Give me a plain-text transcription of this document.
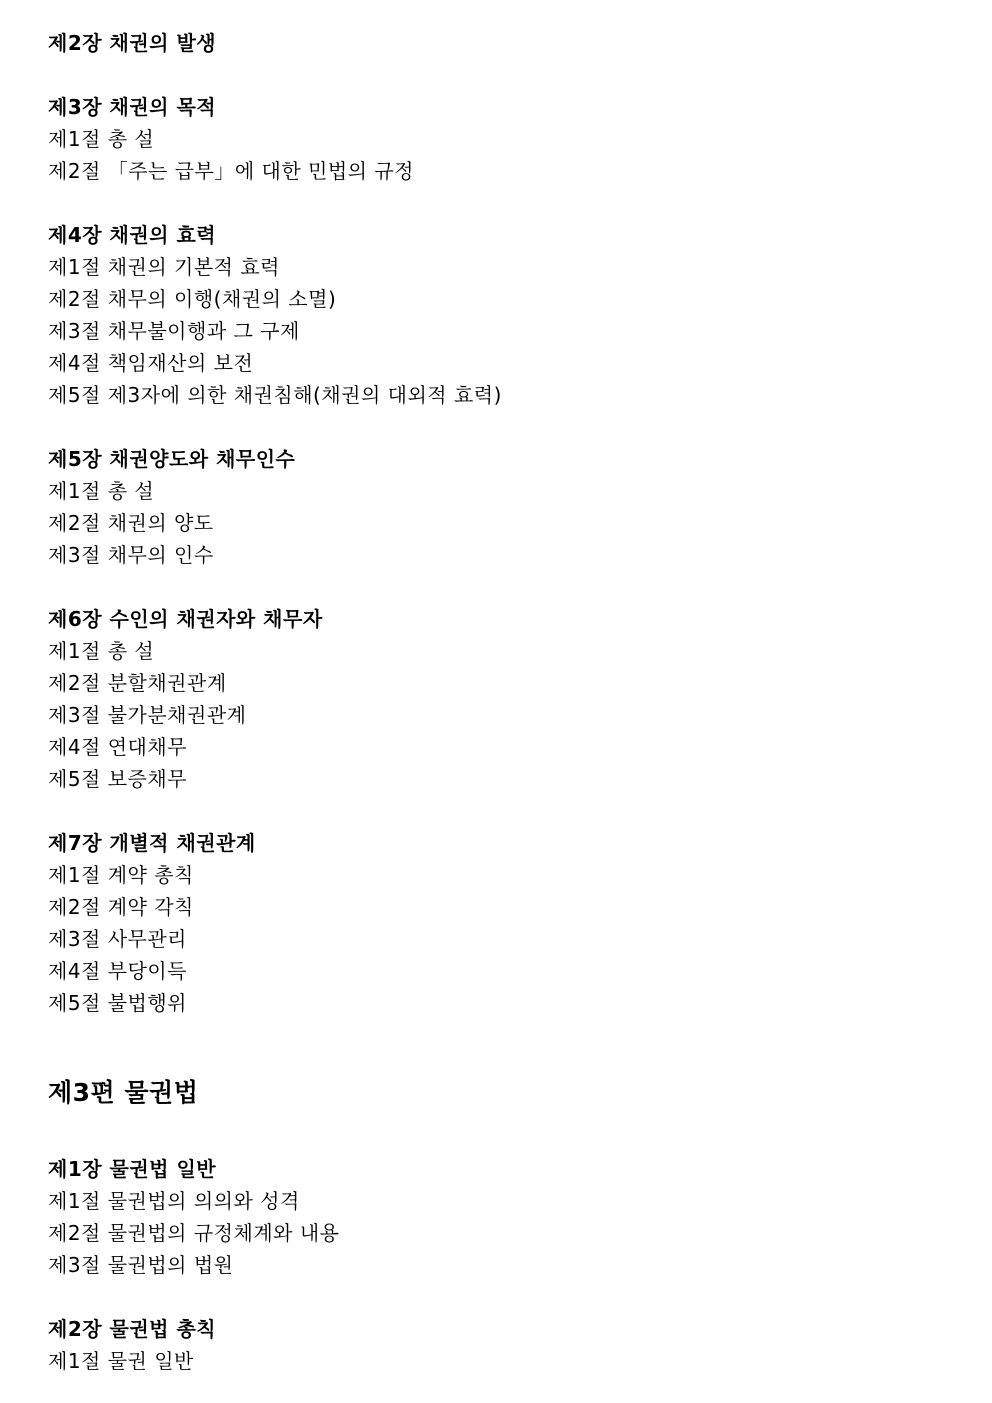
제2장 채권의 발생
제3장 채권의 목적
제1절 총 설
제2절 「주는 급부」에 대한 민법의 규정
제4장 채권의 효력
제1절 채권의 기본적 효력
제2절 채무의 이행(채권의 소멸)
제3절 채무불이행과 그 구제
제4절 책임재산의 보전
제5절 제3자에 의한 채권침해(채권의 대외적 효력)
제5장 채권양도와 채무인수
제1절 총 설
제2절 채권의 양도
제3절 채무의 인수
제6장 수인의 채권자와 채무자
제1절 총 설
제2절 분할채권관계
제3절 불가분채권관계
제4절 연대채무
제5절 보증채무
제7장 개별적 채권관계
제1절 계약 총칙
제2절 계약 각칙
제3절 사무관리
제4절 부당이득
제5절 불법행위
제3편 물권법
제1장 물권법 일반
제1절 물권법의 의의와 성격
제2절 물권법의 규정체계와 내용
제3절 물권법의 법원
제2장 물권법 총칙
제1절 물권 일반
